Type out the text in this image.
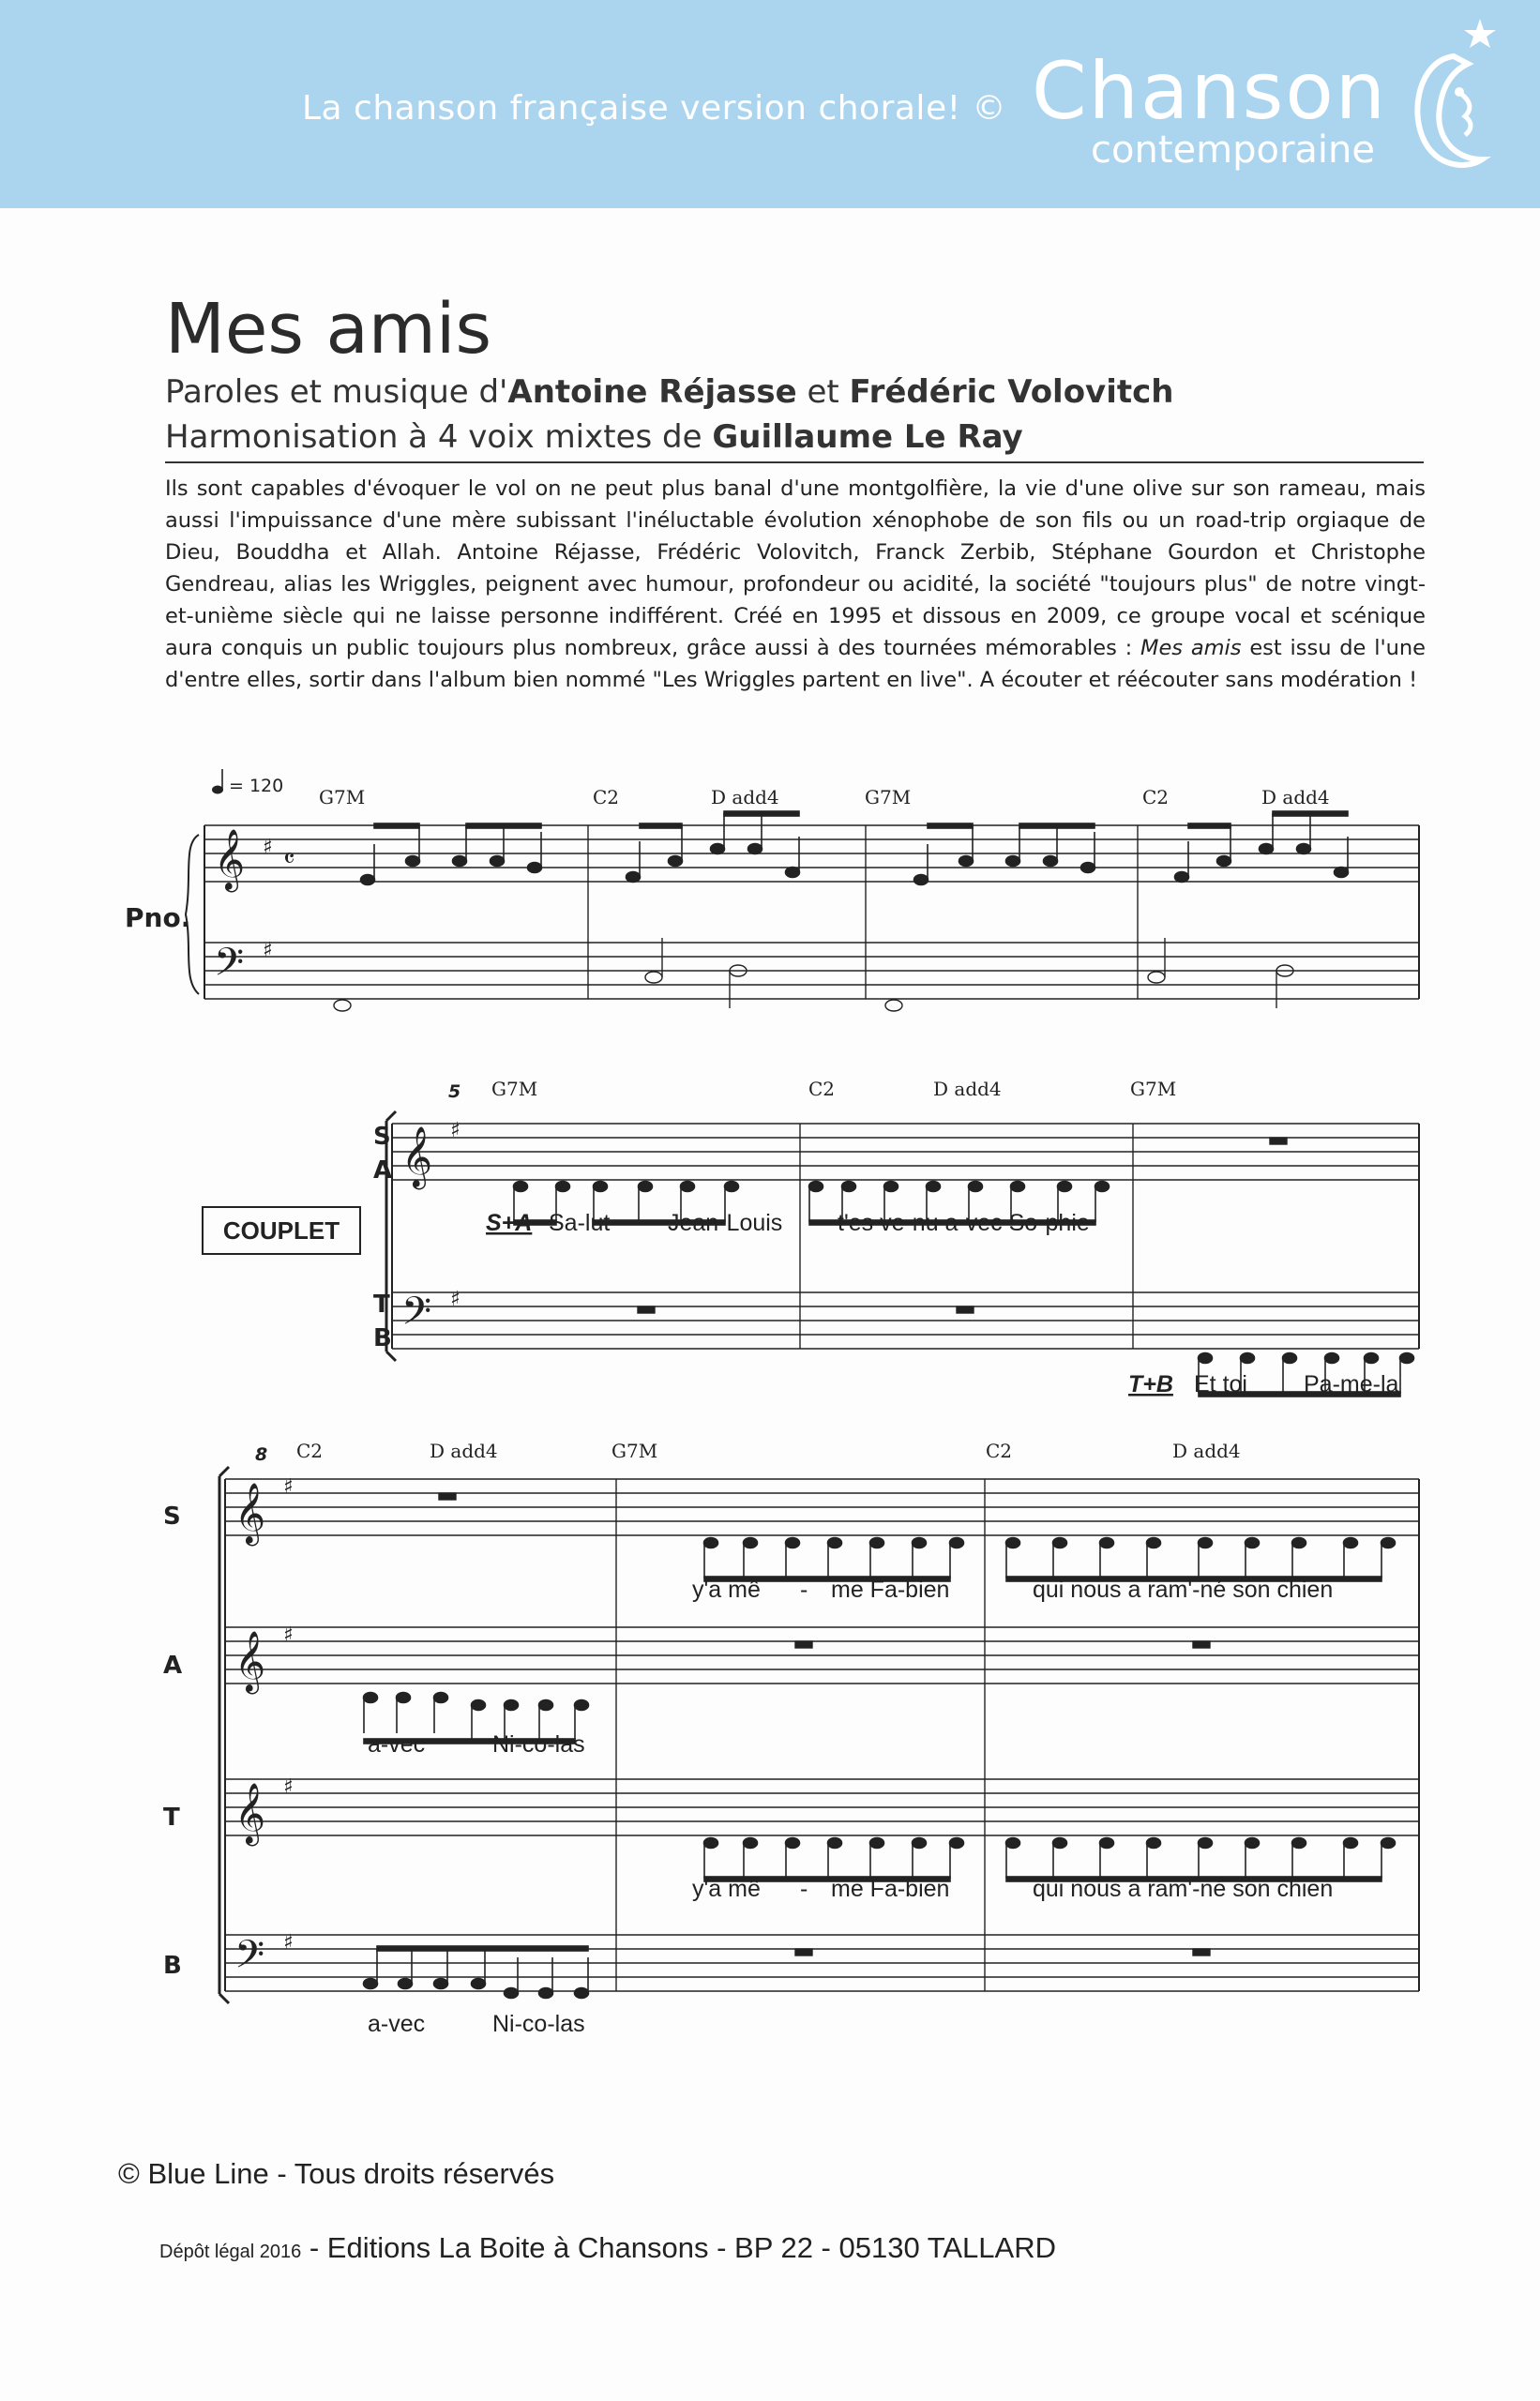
La chanson française version chorale! © Chanson
contemporaine
Mes amis
Paroles et musique d'Antoine Réjasse et Frédéric Volovitch
Harmonisation à 4 voix mixtes de Guillaume Le Ray

Ils sont capables d'évoquer le vol on ne peut plus banal d'une montgolfière, la vie d'une olive sur son rameau, mais aussi l'impuissance d'une mère subissant l'inéluctable évolution xénophobe de son fils ou un road-trip orgiaque de Dieu, Bouddha et Allah. Antoine Réjasse, Frédéric Volovitch, Franck Zerbib, Stéphane Gourdon et Christophe Gendreau, alias les Wriggles, peignent avec humour, profondeur ou acidité, la société "toujours plus" de notre vingt-et-unième siècle qui ne laisse personne indifférent. Créé en 1995 et dissous en 2009, ce groupe vocal et scénique aura conquis un public toujours plus nombreux, grâce aussi à des tournées mémorables : Mes amis est issu de l'une d'entre elles, sortir dans l'album bien nommé "Les Wriggles partent en live". A écouter et réécouter sans modération !

𝄞
𝄢
♯
♯
𝄴
𝄞 ♯
𝄢 ♯
𝄞 ♯
𝄞 ♯
𝄞 ♯
𝄢 ♯
G7M	C2	D add4	G7M	C2	D add4
G7M	C2	D add4	G7M
C2	D add4	G7M	C2	D add4
= 120
Pno.
5
8
S
A
T
B
S
A
T
B
COUPLET	S+A Sa-lut Jean-Louis t'es ve-nu a-vec So-phie
T+B Et toi Pa-me-la
y'a mê - me Fa-bien	qui nous a ram'-né son chien
a-vec	Ni-co-las
y'a mê - me Fa-bien	qui nous a ram'-né son chien
a-vec	Ni-co-las
© Blue Line - Tous droits réservés
Dépôt légal 2016 - Editions La Boite à Chansons - BP 22 - 05130 TALLARD
